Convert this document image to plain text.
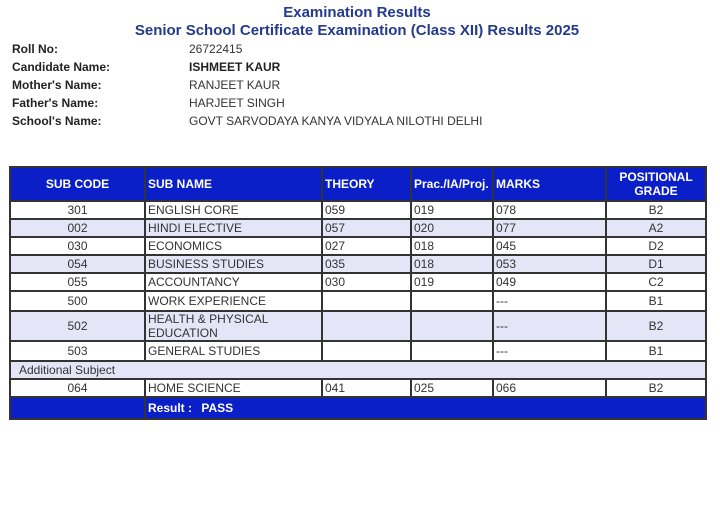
Examination Results
Senior School Certificate Examination (Class XII) Results 2025
Roll No:	26722415
Candidate Name:	ISHMEET KAUR
Mother's Name:	RANJEET KAUR
Father's Name:	HARJEET SINGH
School's Name:	GOVT SARVODAYA KANYA VIDYALA NILOTHI DELHI
SUB CODE	SUB NAME	THEORY	Prac./IA/Proj.	MARKS	POSITIONAL
GRADE
301	ENGLISH CORE	059	019	078	B2
002	HINDI ELECTIVE	057	020	077	A2
030	ECONOMICS	027	018	045	D2
054	BUSINESS STUDIES	035	018	053	D1
055	ACCOUNTANCY	030	019	049	C2
500	WORK EXPERIENCE			---	B1
502	HEALTH & PHYSICAL EDUCATION			---	B2
503	GENERAL STUDIES			---	B1
Additional Subject					
064	HOME SCIENCE	041	025	066	B2
	Result : PASS				
